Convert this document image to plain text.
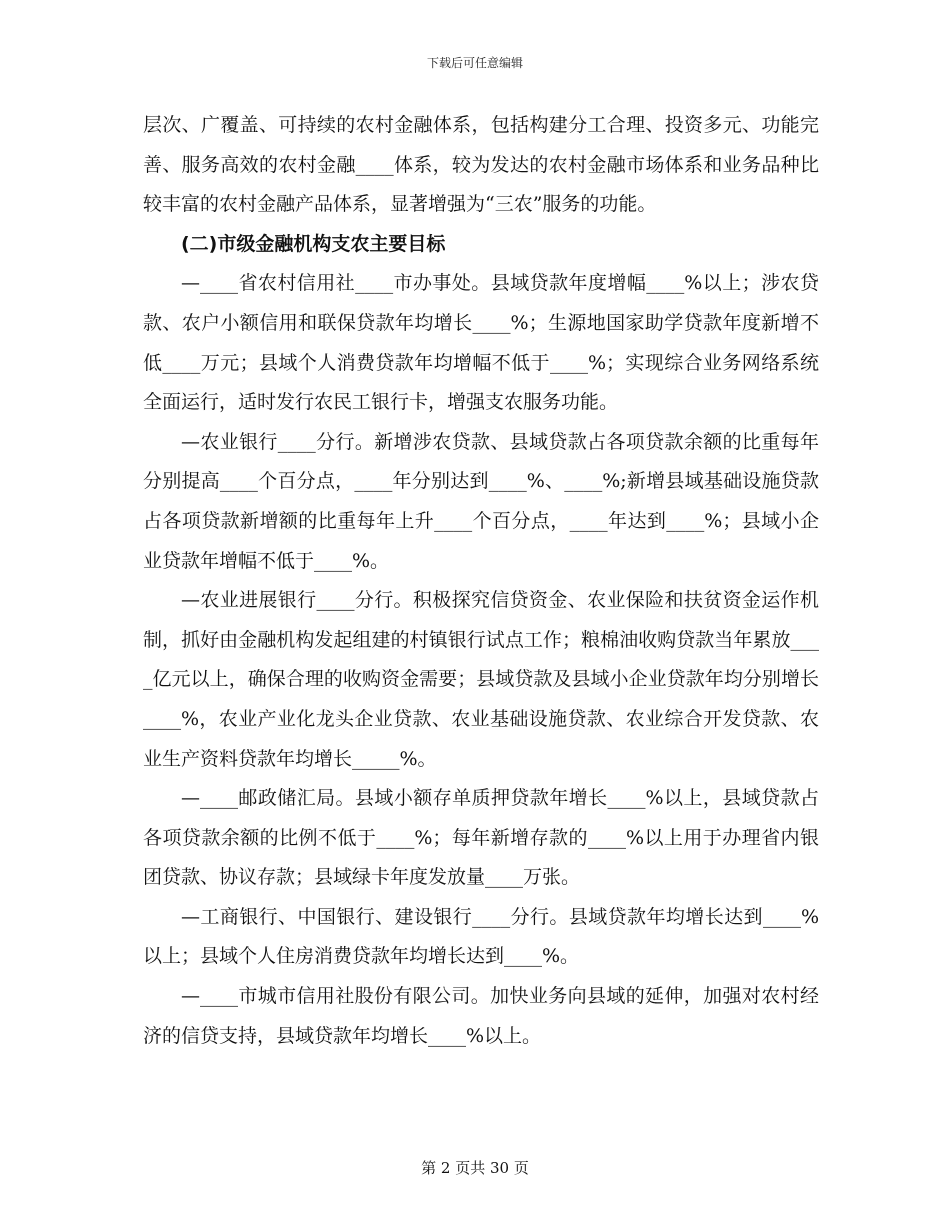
下载后可任意编辑

层次、广覆盖、可持续的农村金融体系，包括构建分工合理、投资多元、功能完善、服务高效的农村金融____体系，较为发达的农村金融市场体系和业务品种比较丰富的农村金融产品体系，显著增强为“三农”服务的功能。

(二)市级金融机构支农主要目标

—____省农村信用社____市办事处。县域贷款年度增幅____%以上；涉农贷款、农户小额信用和联保贷款年均增长____%；生源地国家助学贷款年度新增不低____万元；县域个人消费贷款年均增幅不低于____%；实现综合业务网络系统全面运行，适时发行农民工银行卡，增强支农服务功能。

—农业银行____分行。新增涉农贷款、县域贷款占各项贷款余额的比重每年分别提高____个百分点，____年分别达到____%、____%;新增县域基础设施贷款占各项贷款新增额的比重每年上升____个百分点，____年达到____%；县域小企业贷款年增幅不低于____%。

—农业进展银行____分行。积极探究信贷资金、农业保险和扶贫资金运作机制，抓好由金融机构发起组建的村镇银行试点工作；粮棉油收购贷款当年累放____亿元以上，确保合理的收购资金需要；县域贷款及县域小企业贷款年均分别增长____%，农业产业化龙头企业贷款、农业基础设施贷款、农业综合开发贷款、农业生产资料贷款年均增长_____%。

—____邮政储汇局。县域小额存单质押贷款年增长____%以上，县域贷款占各项贷款余额的比例不低于____%；每年新增存款的____%以上用于办理省内银团贷款、协议存款；县域绿卡年度发放量____万张。

—工商银行、中国银行、建设银行____分行。县域贷款年均增长达到____%以上；县域个人住房消费贷款年均增长达到____%。

—____市城市信用社股份有限公司。加快业务向县域的延伸，加强对农村经济的信贷支持，县域贷款年均增长____%以上。

第 2 页共 30 页
